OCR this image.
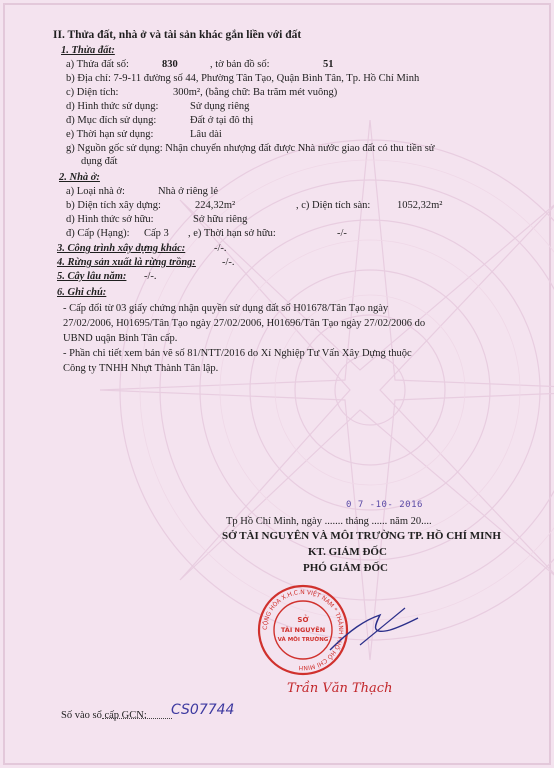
II. Thửa đất, nhà ở và tài sản khác gắn liền với đất
1. Thửa đất:
a) Thửa đất số:	830	, tờ bản đồ số:	51
b) Địa chỉ: 7-9-11 đường số 44, Phường Tân Tạo, Quận Bình Tân, Tp. Hồ Chí Minh
c) Diện tích:	300m², (bằng chữ: Ba trăm mét vuông)
d) Hình thức sử dụng:	Sử dụng riêng
đ) Mục đích sử dụng:	Đất ở tại đô thị
e) Thời hạn sử dụng:	Lâu dài
g) Nguồn gốc sử dụng: Nhận chuyển nhượng đất được Nhà nước giao đất có thu tiền sử
dụng đất
2. Nhà ở:
a) Loại nhà ở:	Nhà ở riêng lẻ
b) Diện tích xây dựng:	224,32m²	, c) Diện tích sàn:	1052,32m²
d) Hình thức sở hữu:	Sở hữu riêng
đ) Cấp (Hạng): Cấp 3 , e) Thời hạn sở hữu:	-/-
3. Công trình xây dựng khác:	-/-.
4. Rừng sản xuất là rừng trồng: -/-.
5. Cây lâu năm: -/-.
6. Ghi chú:
- Cấp đổi từ 03 giấy chứng nhận quyền sử dụng đất số H01678/Tân Tạo ngày
27/02/2006, H01695/Tân Tạo ngày 27/02/2006, H01696/Tân Tạo ngày 27/02/2006 do
UBND uqận Bình Tân cấp.
- Phần chi tiết xem bản vẽ số 81/NTT/2016 do Xí Nghiệp Tư Vấn Xây Dựng thuộc
Công ty TNHH Nhựt Thành Tân lập.
0 7 -10- 2016
Tp Hồ Chí Minh, ngày ....... tháng ...... năm 20....
SỞ TÀI NGUYÊN VÀ MÔI TRƯỜNG TP. HỒ CHÍ MINH
KT. GIÁM ĐỐC
PHÓ GIÁM ĐỐC
CỘNG HÒA X.H.C.N VIỆT NAM * THÀNH PHỐ HỒ CHÍ MINH
SỞ
TÀI NGUYÊN
VÀ MÔI TRƯỜNG
Trần Văn Thạch
Số vào sổ cấp GCN: CS07744
